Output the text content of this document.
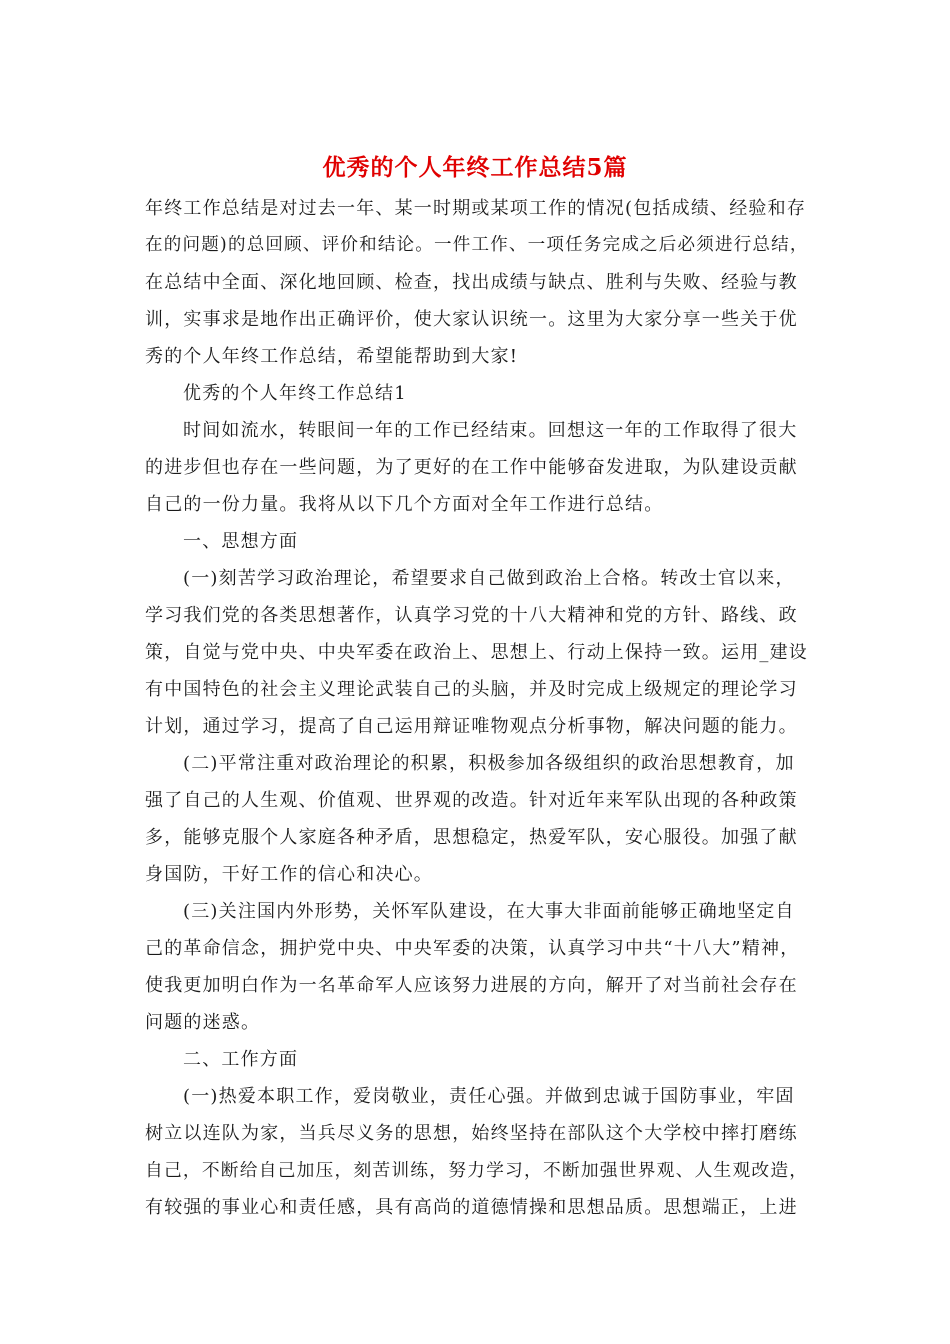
优秀的个人年终工作总结5篇
年终工作总结是对过去一年、某一时期或某项工作的情况(包括成绩、经验和存
在的问题)的总回顾、评价和结论。一件工作、一项任务完成之后必须进行总结，
在总结中全面、深化地回顾、检查，找出成绩与缺点、胜利与失败、经验与教
训，实事求是地作出正确评价，使大家认识统一。这里为大家分享一些关于优
秀的个人年终工作总结，希望能帮助到大家!
优秀的个人年终工作总结1
时间如流水，转眼间一年的工作已经结束。回想这一年的工作取得了很大
的进步但也存在一些问题，为了更好的在工作中能够奋发进取，为队建设贡献
自己的一份力量。我将从以下几个方面对全年工作进行总结。
一、思想方面
(一)刻苦学习政治理论，希望要求自己做到政治上合格。转改士官以来，
学习我们党的各类思想著作，认真学习党的十八大精神和党的方针、路线、政
策，自觉与党中央、中央军委在政治上、思想上、行动上保持一致。运用_建设
有中国特色的社会主义理论武装自己的头脑，并及时完成上级规定的理论学习
计划，通过学习，提高了自己运用辩证唯物观点分析事物，解决问题的能力。
(二)平常注重对政治理论的积累，积极参加各级组织的政治思想教育，加
强了自己的人生观、价值观、世界观的改造。针对近年来军队出现的各种政策
多，能够克服个人家庭各种矛盾，思想稳定，热爱军队，安心服役。加强了献
身国防，干好工作的信心和决心。
(三)关注国内外形势，关怀军队建设，在大事大非面前能够正确地坚定自
己的革命信念，拥护党中央、中央军委的决策，认真学习中共“十八大”精神，
使我更加明白作为一名革命军人应该努力进展的方向，解开了对当前社会存在
问题的迷惑。
二、工作方面
(一)热爱本职工作，爱岗敬业，责任心强。并做到忠诚于国防事业，牢固
树立以连队为家，当兵尽义务的思想，始终坚持在部队这个大学校中摔打磨练
自己，不断给自己加压，刻苦训练，努力学习，不断加强世界观、人生观改造，
有较强的事业心和责任感，具有高尚的道德情操和思想品质。思想端正，上进
